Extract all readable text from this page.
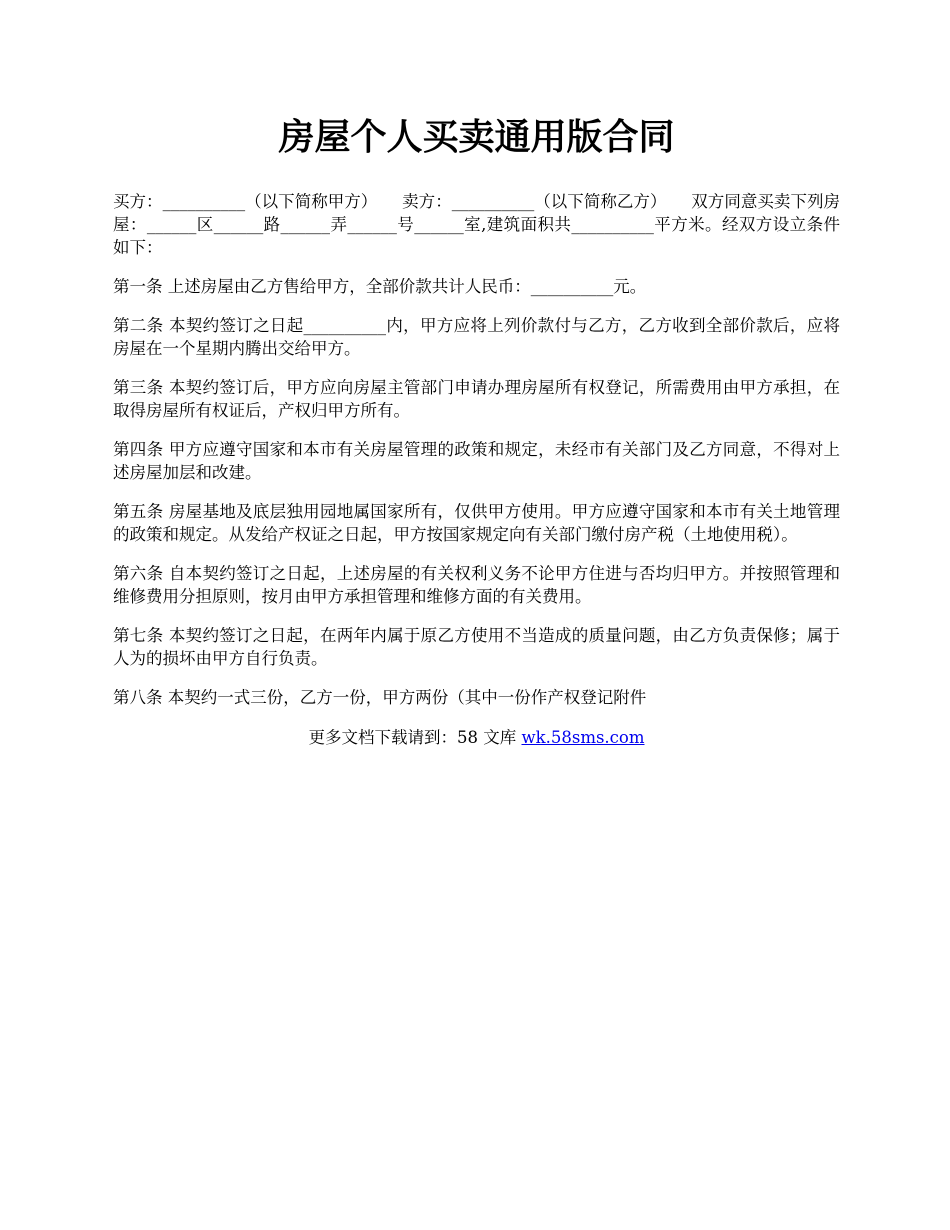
房屋个人买卖通用版合同

买方：__________（以下简称甲方）　　卖方：__________（以下简称乙方）　　双方同意买卖下列房屋：______区______路______弄______号______室,建筑面积共__________平方米。经双方设立条件如下：

第一条 上述房屋由乙方售给甲方，全部价款共计人民币：__________元。

第二条 本契约签订之日起__________内，甲方应将上列价款付与乙方，乙方收到全部价款后，应将房屋在一个星期内腾出交给甲方。

第三条 本契约签订后，甲方应向房屋主管部门申请办理房屋所有权登记，所需费用由甲方承担，在取得房屋所有权证后，产权归甲方所有。

第四条 甲方应遵守国家和本市有关房屋管理的政策和规定，未经市有关部门及乙方同意，不得对上述房屋加层和改建。

第五条 房屋基地及底层独用园地属国家所有，仅供甲方使用。甲方应遵守国家和本市有关土地管理的政策和规定。从发给产权证之日起，甲方按国家规定向有关部门缴付房产税（土地使用税）。

第六条 自本契约签订之日起，上述房屋的有关权利义务不论甲方住进与否均归甲方。并按照管理和维修费用分担原则，按月由甲方承担管理和维修方面的有关费用。

第七条 本契约签订之日起，在两年内属于原乙方使用不当造成的质量问题，由乙方负责保修；属于人为的损坏由甲方自行负责。

第八条 本契约一式三份，乙方一份，甲方两份（其中一份作产权登记附件

更多文档下载请到：58 文库 wk.58sms.com
